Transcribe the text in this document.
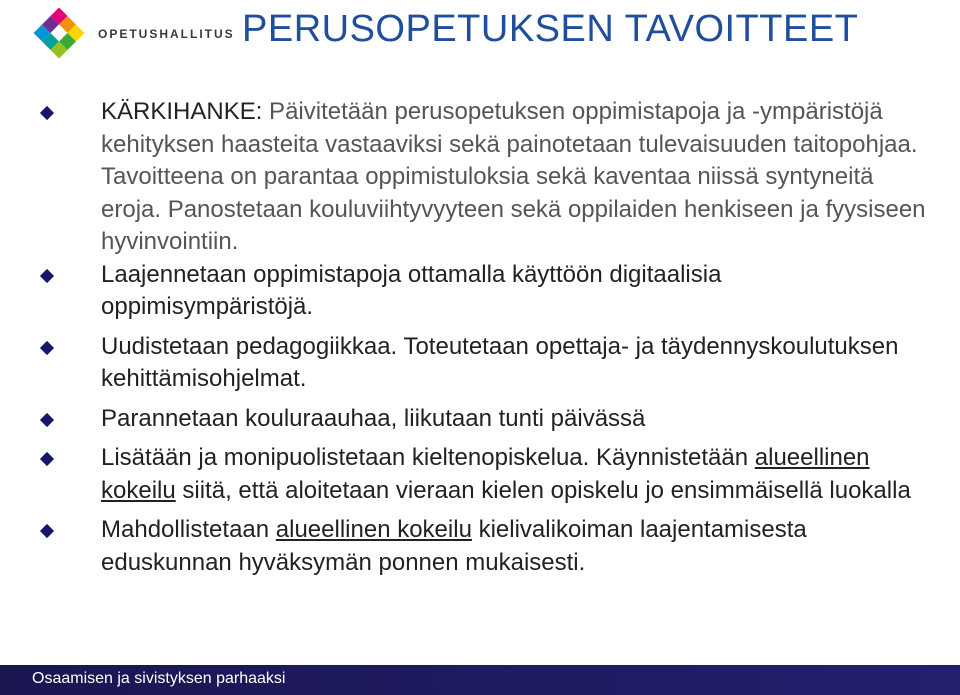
OPETUSHALLITUS PERUSOPETUKSEN TAVOITTEET
KÄRKIHANKE: Päivitetään perusopetuksen oppimistapoja ja -ympäristöjä kehityksen haasteita vastaaviksi sekä painotetaan tulevaisuuden taitopohjaa. Tavoitteena on parantaa oppimistuloksia sekä kaventaa niissä syntyneitä eroja. Panostetaan kouluviihtyvyyteen sekä oppilaiden henkiseen ja fyysiseen hyvinvointiin.
Laajennetaan oppimistapoja ottamalla käyttöön digitaalisia oppimisympäristöjä.
Uudistetaan pedagogiikkaa. Toteutetaan opettaja- ja täydennyskoulutuksen kehittämisohjelmat.
Parannetaan kouluraauhaa, liikutaan tunti päivässä
Lisätään ja monipuolistetaan kieltenopiskelua. Käynnistetään alueellinen kokeilu siitä, että aloitetaan vieraan kielen opiskelu jo ensimmäisellä luokalla
Mahdollistetaan alueellinen kokeilu kielivalikoiman laajentamisesta eduskunnan hyväksymän ponnen mukaisesti.
Osaamisen ja sivistyksen parhaaksi
